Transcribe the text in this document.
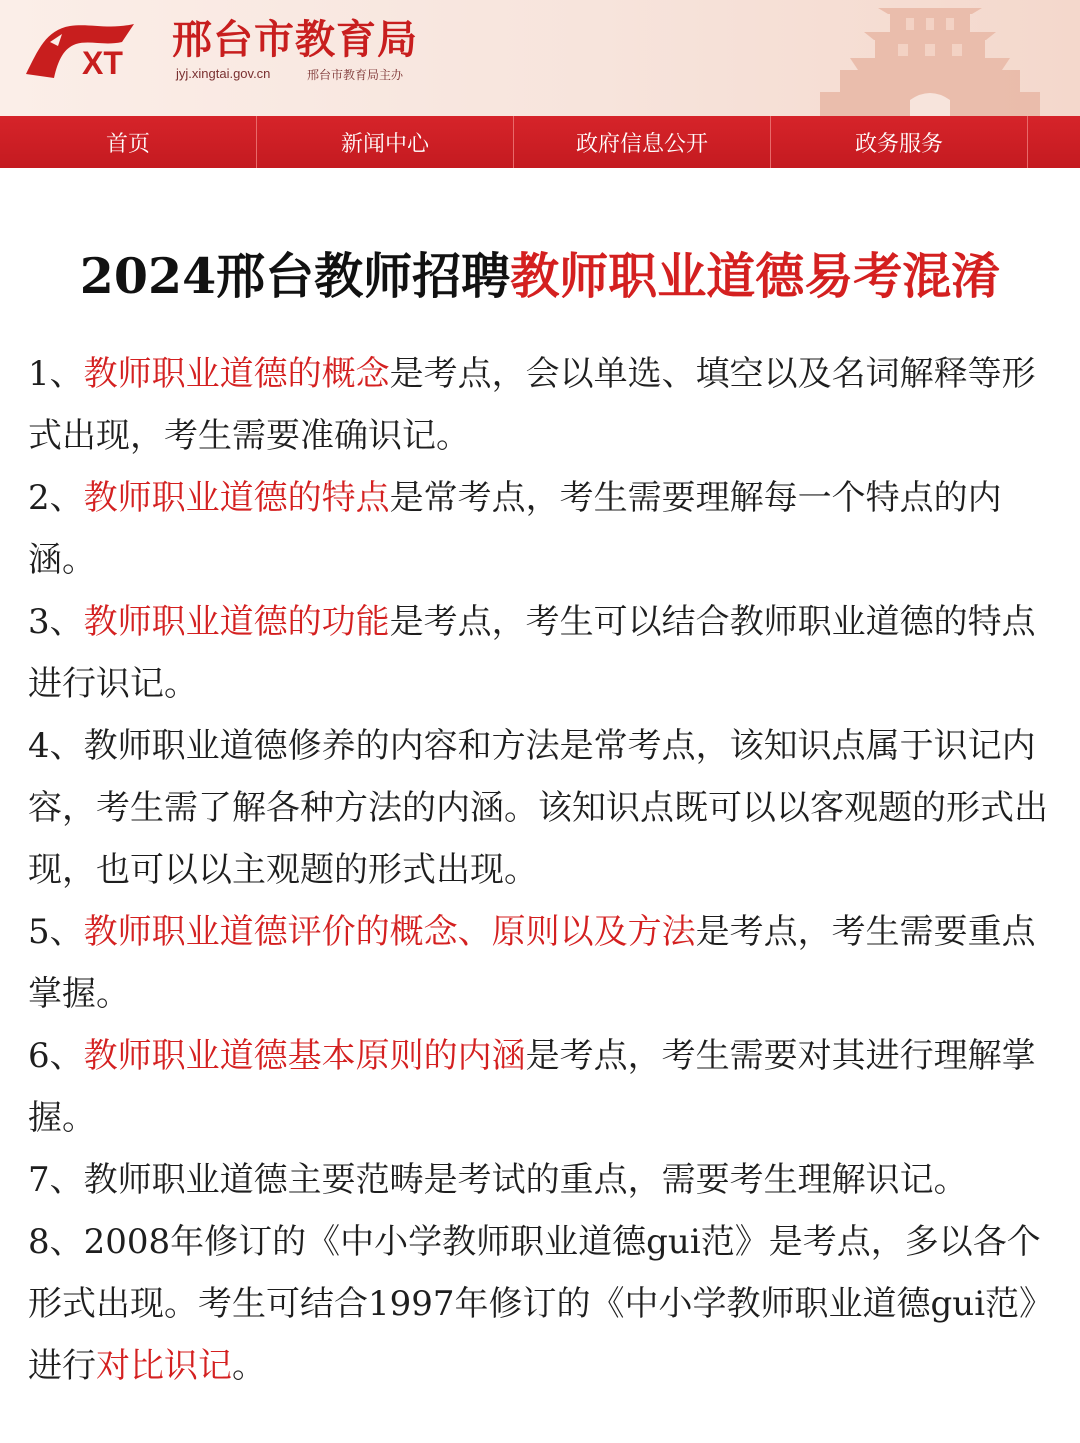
XT 邢台市教育局
jyj.xingtai.gov.cn	邢台市教育局主办
首页	新闻中心	政府信息公开	政务服务
2024邢台教师招聘教师职业道德易考混淆

1、教师职业道德的概念是考点，会以单选、填空以及名词解释等形式出现，考生需要准确识记。

2、教师职业道德的特点是常考点，考生需要理解每一个特点的内涵。

3、教师职业道德的功能是考点，考生可以结合教师职业道德的特点进行识记。

4、教师职业道德修养的内容和方法是常考点，该知识点属于识记内容，考生需了解各种方法的内涵。该知识点既可以以客观题的形式出现，也可以以主观题的形式出现。

5、教师职业道德评价的概念、原则以及方法是考点，考生需要重点掌握。

6、教师职业道德基本原则的内涵是考点，考生需要对其进行理解掌握。

7、教师职业道德主要范畴是考试的重点，需要考生理解识记。

8、2008年修订的《中小学教师职业道德gui范》是考点，多以各个形式出现。考生可结合1997年修订的《中小学教师职业道德gui范》进行对比识记。
